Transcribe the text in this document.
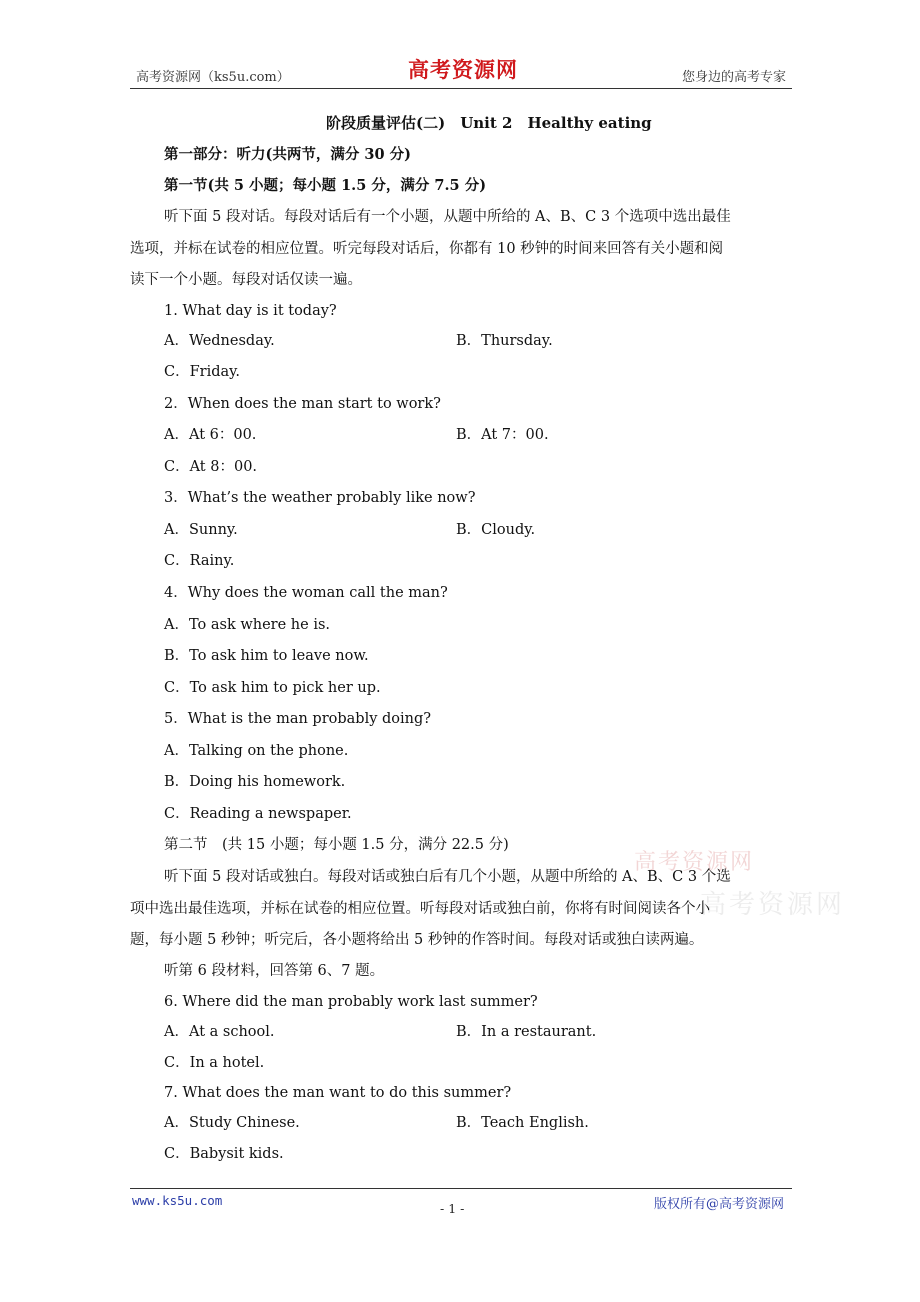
高考资源网（ks5u.com）	高考资源网	您身边的高考专家
阶段质量评估(二)　Unit 2　Healthy eating
第一部分：听力(共两节，满分 30 分)
第一节(共 5 小题；每小题 1.5 分，满分 7.5 分)
听下面 5 段对话。每段对话后有一个小题，从题中所给的 A、B、C 3 个选项中选出最佳
选项，并标在试卷的相应位置。听完每段对话后，你都有 10 秒钟的时间来回答有关小题和阅
读下一个小题。每段对话仅读一遍。
1. What day is it today?
A．Wednesday.	B．Thursday.
C．Friday.
2．When does the man start to work?
A．At 6：00.	B．At 7：00.
C．At 8：00.
3．What’s the weather probably like now?
A．Sunny.	B．Cloudy.
C．Rainy.
4．Why does the woman call the man?
A．To ask where he is.
B．To ask him to leave now.
C．To ask him to pick her up.
5．What is the man probably doing?
A．Talking on the phone.
B．Doing his homework.
C．Reading a newspaper.
第二节　(共 15 小题；每小题 1.5 分，满分 22.5 分)
高考资源网
高考资源网
听下面 5 段对话或独白。每段对话或独白后有几个小题，从题中所给的 A、B、C 3 个选
项中选出最佳选项，并标在试卷的相应位置。听每段对话或独白前，你将有时间阅读各个小
题，每小题 5 秒钟；听完后，各小题将给出 5 秒钟的作答时间。每段对话或独白读两遍。
听第 6 段材料，回答第 6、7 题。
6. Where did the man probably work last summer?
A．At a school.	B．In a restaurant.
C．In a hotel.
7. What does the man want to do this summer?
A．Study Chinese.	B．Teach English.
C．Babysit kids.
www.ks5u.com
- 1 -	版权所有@高考资源网
